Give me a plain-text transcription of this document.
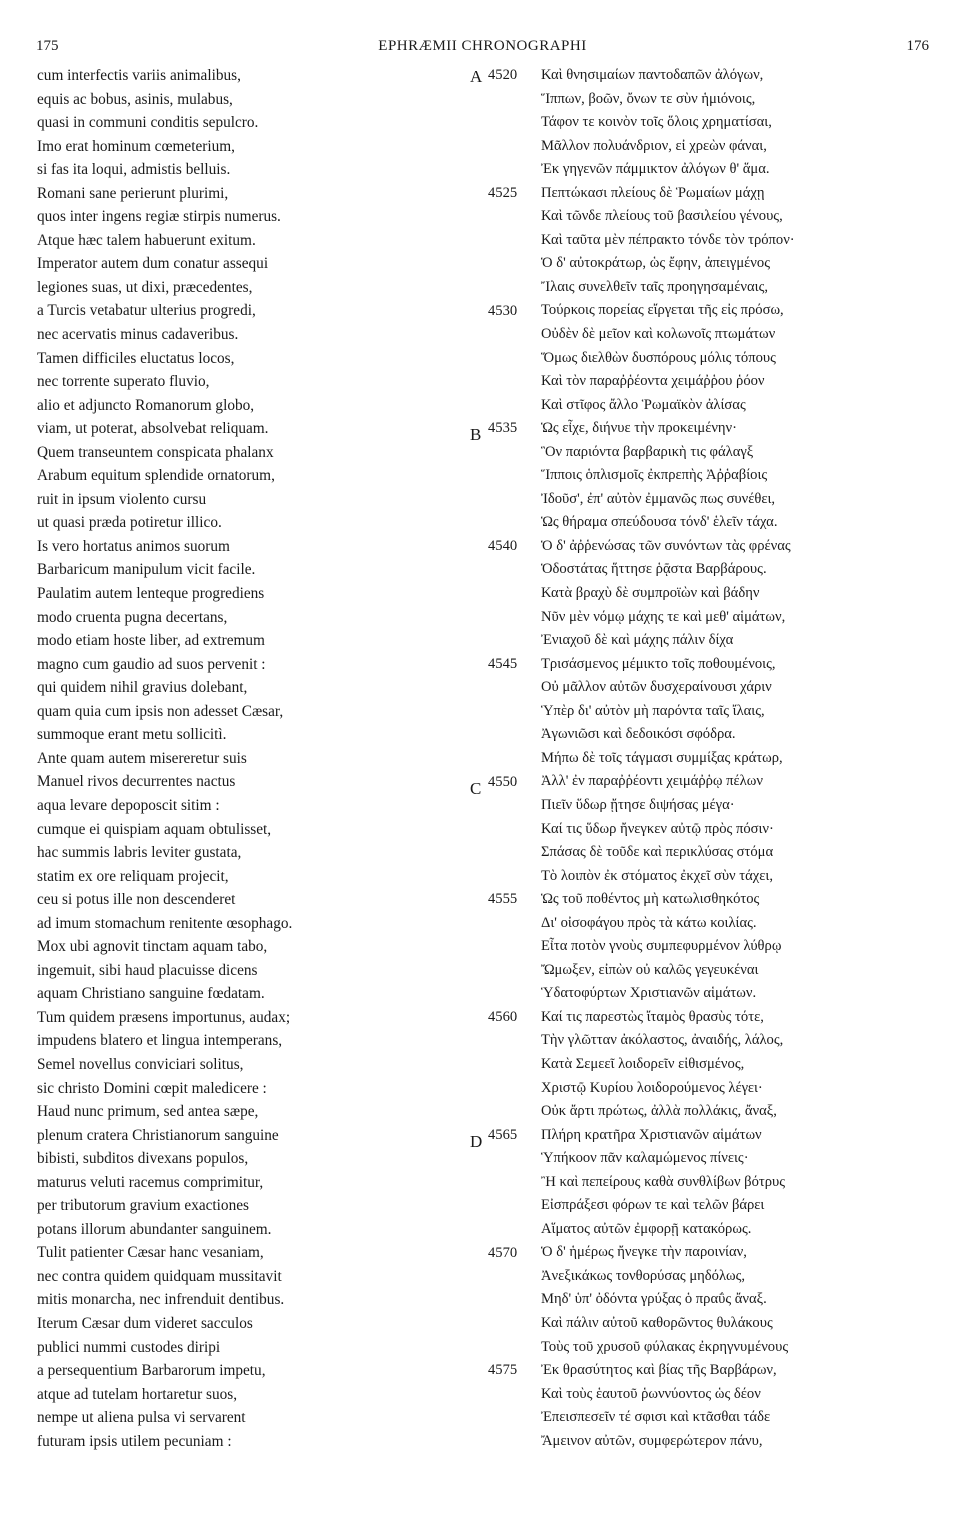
175	EPHRÆMII CHRONOGRAPHI	176
cum interfectis variis animalibus,
equis ac bobus, asinis, mulabus,
quasi in communi conditis sepulcro.
Imo erat hominum cœmeterium,
si fas ita loqui, admistis belluis.
Romani sane perierunt plurimi,
quos inter ingens regiæ stirpis numerus.
Atque hæc talem habuerunt exitum.
Imperator autem dum conatur assequi
legiones suas, ut dixi, præcedentes,
a Turcis vetabatur ulterius progredi,
nec acervatis minus cadaveribus.
Tamen difficiles eluctatus locos,
nec torrente superato fluvio,
alio et adjuncto Romanorum globo,
viam, ut poterat, absolvebat reliquam.
Quem transeuntem conspicata phalanx
Arabum equitum splendide ornatorum,
ruit in ipsum violento cursu
ut quasi præda potiretur illico.
Is vero hortatus animos suorum
Barbaricum manipulum vicit facile.
Paulatim autem lenteque progrediens
modo cruenta pugna decertans,
modo etiam hoste liber, ad extremum
magno cum gaudio ad suos pervenit :
qui quidem nihil gravius dolebant,
quam quia cum ipsis non adesset Cæsar,
summoque erant metu sollicitì.
Ante quam autem misereretur suis
Manuel rivos decurrentes nactus
aqua levare depoposcit sitim :
cumque ei quispiam aquam obtulisset,
hac summis labris leviter gustata,
statim ex ore reliquam projecit,
ceu si potus ille non descenderet
ad imum stomachum renitente œsophago.
Mox ubi agnovit tinctam aquam tabo,
ingemuit, sibi haud placuisse dicens
aquam Christiano sanguine fœdatam.
Tum quidem præsens importunus, audax;
impudens blatero et lingua intemperans,
Semel novellus conviciari solitus,
sic christo Domini cœpit maledicere :
Haud nunc primum, sed antea sæpe,
plenum cratera Christianorum sanguine
bibisti, subditos divexans populos,
maturus veluti racemus comprimitur,
per tributorum gravium exactiones
potans illorum abundanter sanguinem.
Tulit patienter Cæsar hanc vesaniam,
nec contra quidem quidquam mussitavit
mitis monarcha, nec infrenduit dentibus.
Iterum Cæsar dum videret sacculos
publici nummi custodes diripi
a persequentium Barbarorum impetu,
atque ad tutelam hortaretur suos,
nempe ut aliena pulsa vi servarent
futuram ipsis utilem pecuniam :
4520
4525
4530
4535
4540
4545
4550
4555
4560
4565
4570
4575
A
B
C
D
Καὶ θνησιμαίων παντοδαπῶν ἀλόγων,
Ἵππων, βοῶν, ὄνων τε σὺν ἡμιόνοις,
Τάφον τε κοινὸν τοῖς ὅλοις χρηματίσαι,
Μᾶλλον πολυάνδριον, εἰ χρεὼν φάναι,
Ἐκ γηγενῶν πάμμικτον ἀλόγων θ' ἅμα.
Πεπτώκασι πλείους δὲ Ῥωμαίων μάχῃ
Καὶ τῶνδε πλείους τοῦ βασιλείου γένους,
Καὶ ταῦτα μὲν πέπρακτο τόνδε τὸν τρόπον·
Ὁ δ' αὐτοκράτωρ, ὡς ἔφην, ἀπειγμένος
Ἴλαις συνελθεῖν ταῖς προηγησαμέναις,
Τούρκοις πορείας εἴργεται τῆς εἰς πρόσω,
Οὐδὲν δὲ μεῖον καὶ κολωνοῖς πτωμάτων
Ὅμως διελθὼν δυσπόρους μόλις τόπους
Καὶ τὸν παραῤῥέοντα χειμάῤῥου ῥόον
Καὶ στῖφος ἄλλο Ῥωμαϊκὸν ἀλίσας
Ὡς εἶχε, διήνυε τὴν προκειμένην·
Ὃν παριόντα βαρβαρικὴ τις φάλαγξ
Ἵπποις ὁπλισμοῖς ἐκπρεπὴς Ἀῤῥαβίοις
Ἰδοῦσ', ἐπ' αὐτὸν ἐμμανῶς πως συνέθει,
Ὡς θήραμα σπεύδουσα τόνδ' ἑλεῖν τάχα.
Ὁ δ' ἀῤῥενώσας τῶν συνόντων τὰς φρένας
Ὁδοστάτας ἥττησε ῥᾷστα Βαρβάρους.
Κατὰ βραχὺ δὲ συμπροϊὼν καὶ βάδην
Νῦν μὲν νόμῳ μάχης τε καὶ μεθ' αἱμάτων,
Ἐνιαχοῦ δὲ καὶ μάχης πάλιν δίχα
Τρισάσμενος μέμικτο τοῖς ποθουμένοις,
Οὐ μᾶλλον αὐτῶν δυσχεραίνουσι χάριν
Ὑπὲρ δι' αὐτὸν μὴ παρόντα ταῖς ἴλαις,
Ἀγωνιῶσι καὶ δεδοικόσι σφόδρα.
Μήπω δὲ τοῖς τάγμασι συμμίξας κράτωρ,
Ἀλλ' ἐν παραῤῥέοντι χειμάῤῥῳ πέλων
Πιεῖν ὕδωρ ᾔτησε διψήσας μέγα·
Καί τις ὕδωρ ἤνεγκεν αὐτῷ πρὸς πόσιν·
Σπάσας δὲ τοῦδε καὶ περικλύσας στόμα
Τὸ λοιπὸν ἐκ στόματος ἐκχεῖ σὺν τάχει,
Ὡς τοῦ ποθέντος μὴ κατωλισθηκότος
Δι' οἰσοφάγου πρὸς τὰ κάτω κοιλίας.
Εἶτα ποτὸν γνοὺς συμπεφυρμένον λύθρῳ
Ὤμωξεν, εἰπὼν οὐ καλῶς γεγευκέναι
Ὑδατοφύρτων Χριστιανῶν αἱμάτων.
Καί τις παρεστὼς ἴταμὸς θρασὺς τότε,
Τὴν γλῶτταν ἀκόλαστος, ἀναιδής, λάλος,
Κατὰ Σεμεεῖ λοιδορεῖν εἰθισμένος,
Χριστῷ Κυρίου λοιδορούμενος λέγει·
Οὐκ ἄρτι πρώτως, ἀλλὰ πολλάκις, ἄναξ,
Πλήρη κρατῆρα Χριστιανῶν αἱμάτων
Ὑπήκοον πᾶν καλαμώμενος πίνεις·
Ἢ καὶ πεπείρους καθὰ συνθλίβων βότρυς
Εἰσπράξεσι φόρων τε καὶ τελῶν βάρει
Αἵματος αὐτῶν ἐμφορῇ κατακόρως.
Ὁ δ' ἡμέρως ἤνεγκε τὴν παροινίαν,
Ἀνεξικάκως τονθορύσας μηδόλως,
Μηδ' ὑπ' ὀδόντα γρύξας ὁ πραΰς ἄναξ.
Καὶ πάλιν αὐτοῦ καθορῶντος θυλάκους
Τοὺς τοῦ χρυσοῦ φύλακας ἐκρηγνυμένους
Ἐκ θρασύτητος καὶ βίας τῆς Βαρβάρων,
Καὶ τοὺς ἑαυτοῦ ῥωννύοντος ὡς δέον
Ἐπεισπεσεῖν τέ σφισι καὶ κτᾶσθαι τάδε
Ἄμεινον αὐτῶν, συμφερώτερον πάνυ,
